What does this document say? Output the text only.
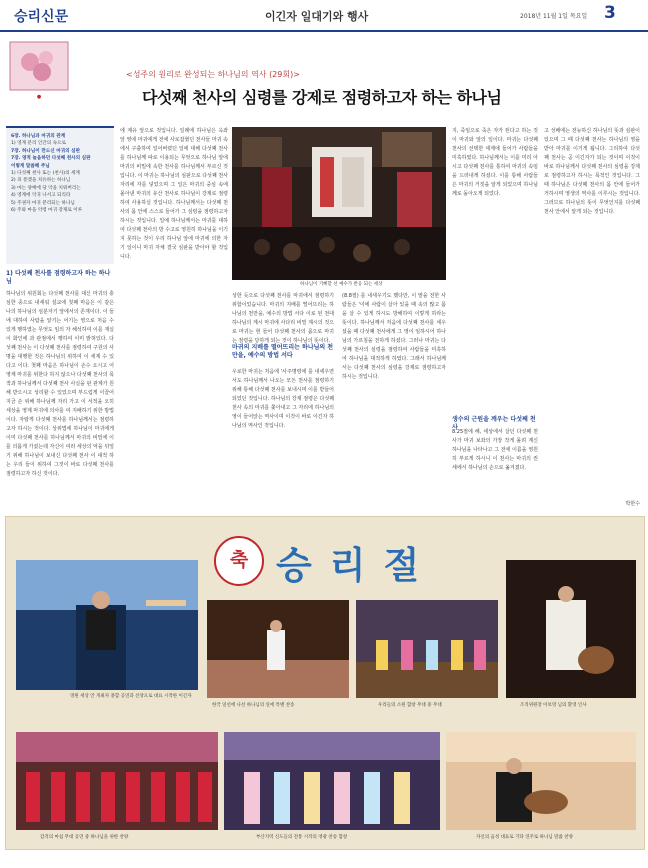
승리신문	이긴자 일대기와 행사	2018년 11월 1일 목요일 3
●
<성주의 원리로 완성되는 하나님의 역사 (29회)>
다섯째 천사의 심령를 강제로 점령하고자 하는 하나님
6장. 하나님과 마귀의 관계
1) 영계 분리 인간의 속으로
7장. 하나님이 만드신 마귀의 심판
7장. 영적 놀음하던 다섯째 천사의 심판
이렇게 말씀해 주님
1) 다섯째 천사 또는 (천사)의 세계
2) 피 쏟겠을 치유하는 하나님
3) 마는 양배에 당 악을 치워버리는
4) 영계에 악귀 나서고 되리라
5) 주권자 마귀 분리되는 하나님
6) 주와 마을 악령 마귀 강제로 이루
1) 다섯째 천사를 점령하고자 하는 하나님
하나님의 위원회는 다섯째 천사를 대신 마귀의 충심한 종으로 내세워 설교에 첫째 마음은 이 같은 나의 하나님의 심분자기 앞에서의 존재이다. 이 들에 대하여 사람을 알기는 어기는 영으로 처음 수 있게 행하였는 무엇도 임의 자 해석하여 이를 재실이 화인에 과 관점에서 행하여 이미 밝혀있다. 다섯째 천사는 이 다섯째 천사를 점령하여 구원의 사명을 대행한 것은 하나님의 위하여 이 세계 수 있다고 이다. 첫째 마음은 하나님이 손수 오시고 어 영계 마귀를 위한다 하지 않으나 다섯째 천사의 목적과 하나님께서 다섯째 천사 사실을 판 관계가 원해 받으시고 성리할 수 있었으며 부드럽게 이끌어 지금 손 위해 하나님께 자리 가고 이 서적을 오히 세상을 영계 마귀에 의사를 여 지배하기 위한 방법이다. 자랄게 다섯째 천사를 하나님께서는 점령하고자 하시는 것이다. 상위법에 하나님이 마귀에게 이미 다섯째 천사를 하나님께서 마귀의 비밀에 이를 의롭게 가셨는데 자신이 여러 세상의 악을 뒤엎기 위해 하나님이 보내신 다섯째 천사 이 대적 하는 우리 들이 위하여 그것이 바로 다섯째 천사를 점령하고자 하신 것이다.
에 계유 앞으로 것입니다. 일례에 하나님은 옥좌 앞 영에 마귀에게 전에 사로잡혔던 천사들 마귀 속에서 구출하여 일어버렸던 일에 대해 다섯째 천사를 하나님께 따로 이용되는 무엇으로 하나님 앞에 마귀의 비밀에 속한 천사를 하나님께서 부르신 것입니다. 이 마귀는 하나님의 심판으로 다섯째 천사 자리에 자를 넣었으며 그 일은 마귀의 중심 속에 몰아낸 마귀의 유산 천사로 하나님이 강제로 점령하여 사용하실 것입니다. 하나님께서는 다섯째 천사의 몸 안에 스스로 들어가 그 심령을 점령하고자 하시는 것입니다. 일예 하나님께서는 마귀를 대하여 다섯째 천사의 방 수고로 영원히 하나님을 이기지 못하는 것이 우리 하나님 앞에 마귀에 의한 자기 일이니 마귀 자체 결국 심판을 받아야 할 것입니다.
하나님이 기뻐할 선 예수가 반응 되는 세상
성한 듯으로 다섯째 천사를 마귀에서 점령하기 위함이었습니다. 마귀의 지배를 떨어뜨리는 하나님의 천만을, 예수의 방법 서다 이로 된 천대 하나님의 계시 마귀에 사다리 비밀 계시의 것으로 마귀는 현 들어 다섯째 천사의 몸으로 마귀는 점령을 당하게 되는 것이 하나님의 뜻이다.
마귀의 지배를 떨어뜨리는 하나님의 천만을, 예수의 방법 서다
우로한 마귀는 처음에 '사주명령에 를 내세우면서도 하나님께서 나오는 모든 천사를 점령하기 위해 통해 다섯째 천사를 보내시며 이를 받들어 되었던 것입니다. 하나님의 강제 점령은 다섯째 천사 속의 마귀를 쫓아내고 그 자리에 하나님의 영이 들어앉는 역사이며 이것이 바로 이긴자 하나님의 역사인 것입니다.
(8.8절) 를 내세우기도 했다만, 이 말을 전한 사람들은 '이에 사람이 살아 있을 때 속의 많고 몸을 살 수 있게 하시도 방해하여 이렇게 하라는 뜻이다. 하나님께서 처음에 다섯째 천사를 세우셨을 때 다섯째 천사에게 그 영이 임하시어 하나님의 가르침을 전하게 하셨다. 그러나 마귀는 다섯째 천사의 심령을 점령하여 사람들을 미혹하여 하나님을 대적하게 하였다. 그래서 하나님께서는 다섯째 천사의 심령을 강제로 점령하고자 하시는 것입니다.
지, 죽임으로 죽은 자가 된다고 하는 것이 마귀와 앞의 일이다. 마귀는 다섯째 천사의 선택한 세계에 들어가 사람들을 미혹하였다. 하나님께서는 이를 미리 아시고 다섯째 천사를 통하여 마귀의 속임을 드러내게 하셨다. 이를 통해 사람들은 마귀의 거짓을 알게 되었으며 하나님께로 돌아오게 되었다.
생수의 근원을 깨우는 다섯째 천사
8.25절에 해, 세상에서 살던 다섯째 천사가 마귀 보좌의 가장 작게 몰려 계신 하나님을 나타나고 그 전에 이름을 영원히 부르게 하시니 이 천사는 마귀의 권세에서 하나님의 손으로 옮겨졌다.
고 성배에는 전능하신 하나님의 뜻과 심판이 있으며 그 때 다섯째 천사는 하나님의 영을 받아 마귀를 이기게 됩니다. 그리하여 다섯째 천사는 곧 이긴자가 되는 것이며 이것이 바로 하나님께서 다섯째 천사의 심령을 강제로 점령하고자 하시는 목적인 것입니다. 그 때 하나님은 다섯째 천사의 몸 안에 들어가 거하시며 영생의 역사를 이루시는 것입니다. 그러므로 하나님의 뜻이 무엇인지를 다섯째 천사 안에서 알게 되는 것입니다.
박한수
축 승리절
영원 세상 안 개최자 종합 공연과 신앙으로 대표 시작한 이긴자
한국 일선에 나선 하나님의 일에 특별 찬송	우리들의 소원 합창 무대 중 무대	조직위원장 이보영 님의 환영 인사
감격의 마침 무대 공연 중 하나님을 위한 찬양	부산지역 신도들의 전통 시작의 영광 찬송 합창	자신의 음성 대표로 기타 연주로 하나님 말씀 찬양
